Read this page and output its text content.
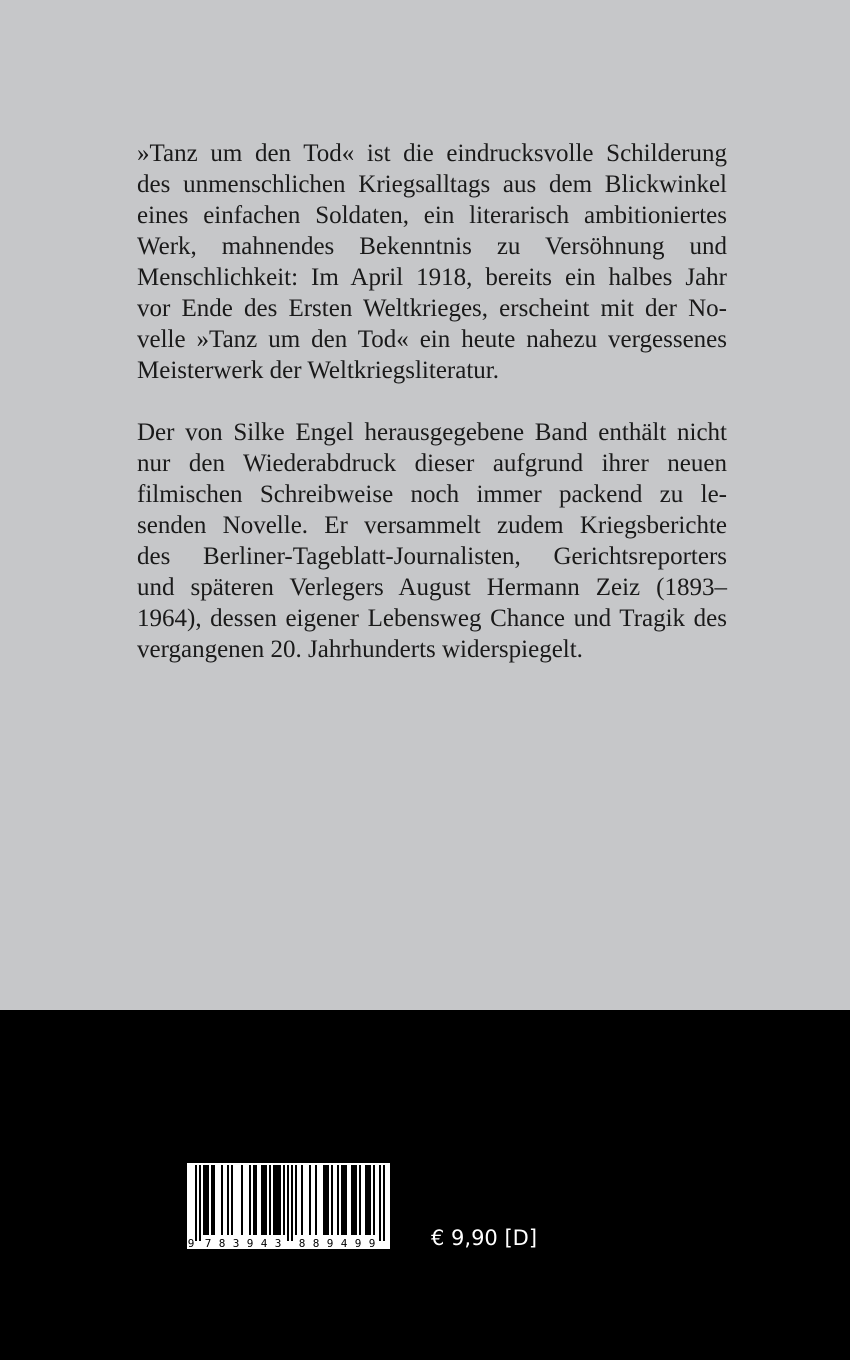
»Tanz um den Tod« ist die eindrucksvolle Schilderung
des unmenschlichen Kriegsalltags aus dem Blickwinkel
eines einfachen Soldaten, ein literarisch ambitioniertes
Werk, mahnendes Bekenntnis zu Versöhnung und
Menschlichkeit: Im April 1918, bereits ein halbes Jahr
vor Ende des Ersten Weltkrieges, erscheint mit der No-
velle »Tanz um den Tod« ein heute nahezu vergessenes
Meisterwerk der Weltkriegsliteratur.
Der von Silke Engel herausgegebene Band enthält nicht
nur den Wiederabdruck dieser aufgrund ihrer neuen
filmischen Schreibweise noch immer packend zu le-
senden Novelle. Er versammelt zudem Kriegsberichte
des Berliner-Tageblatt-Journalisten, Gerichtsreporters
und späteren Verlegers August Hermann Zeiz (1893–
1964), dessen eigener Lebensweg Chance und Tragik des
vergangenen 20. Jahrhunderts widerspiegelt.
9 7 8 3 9 4 3 8 8 9 4 9 9	€ 9,90 [D]
